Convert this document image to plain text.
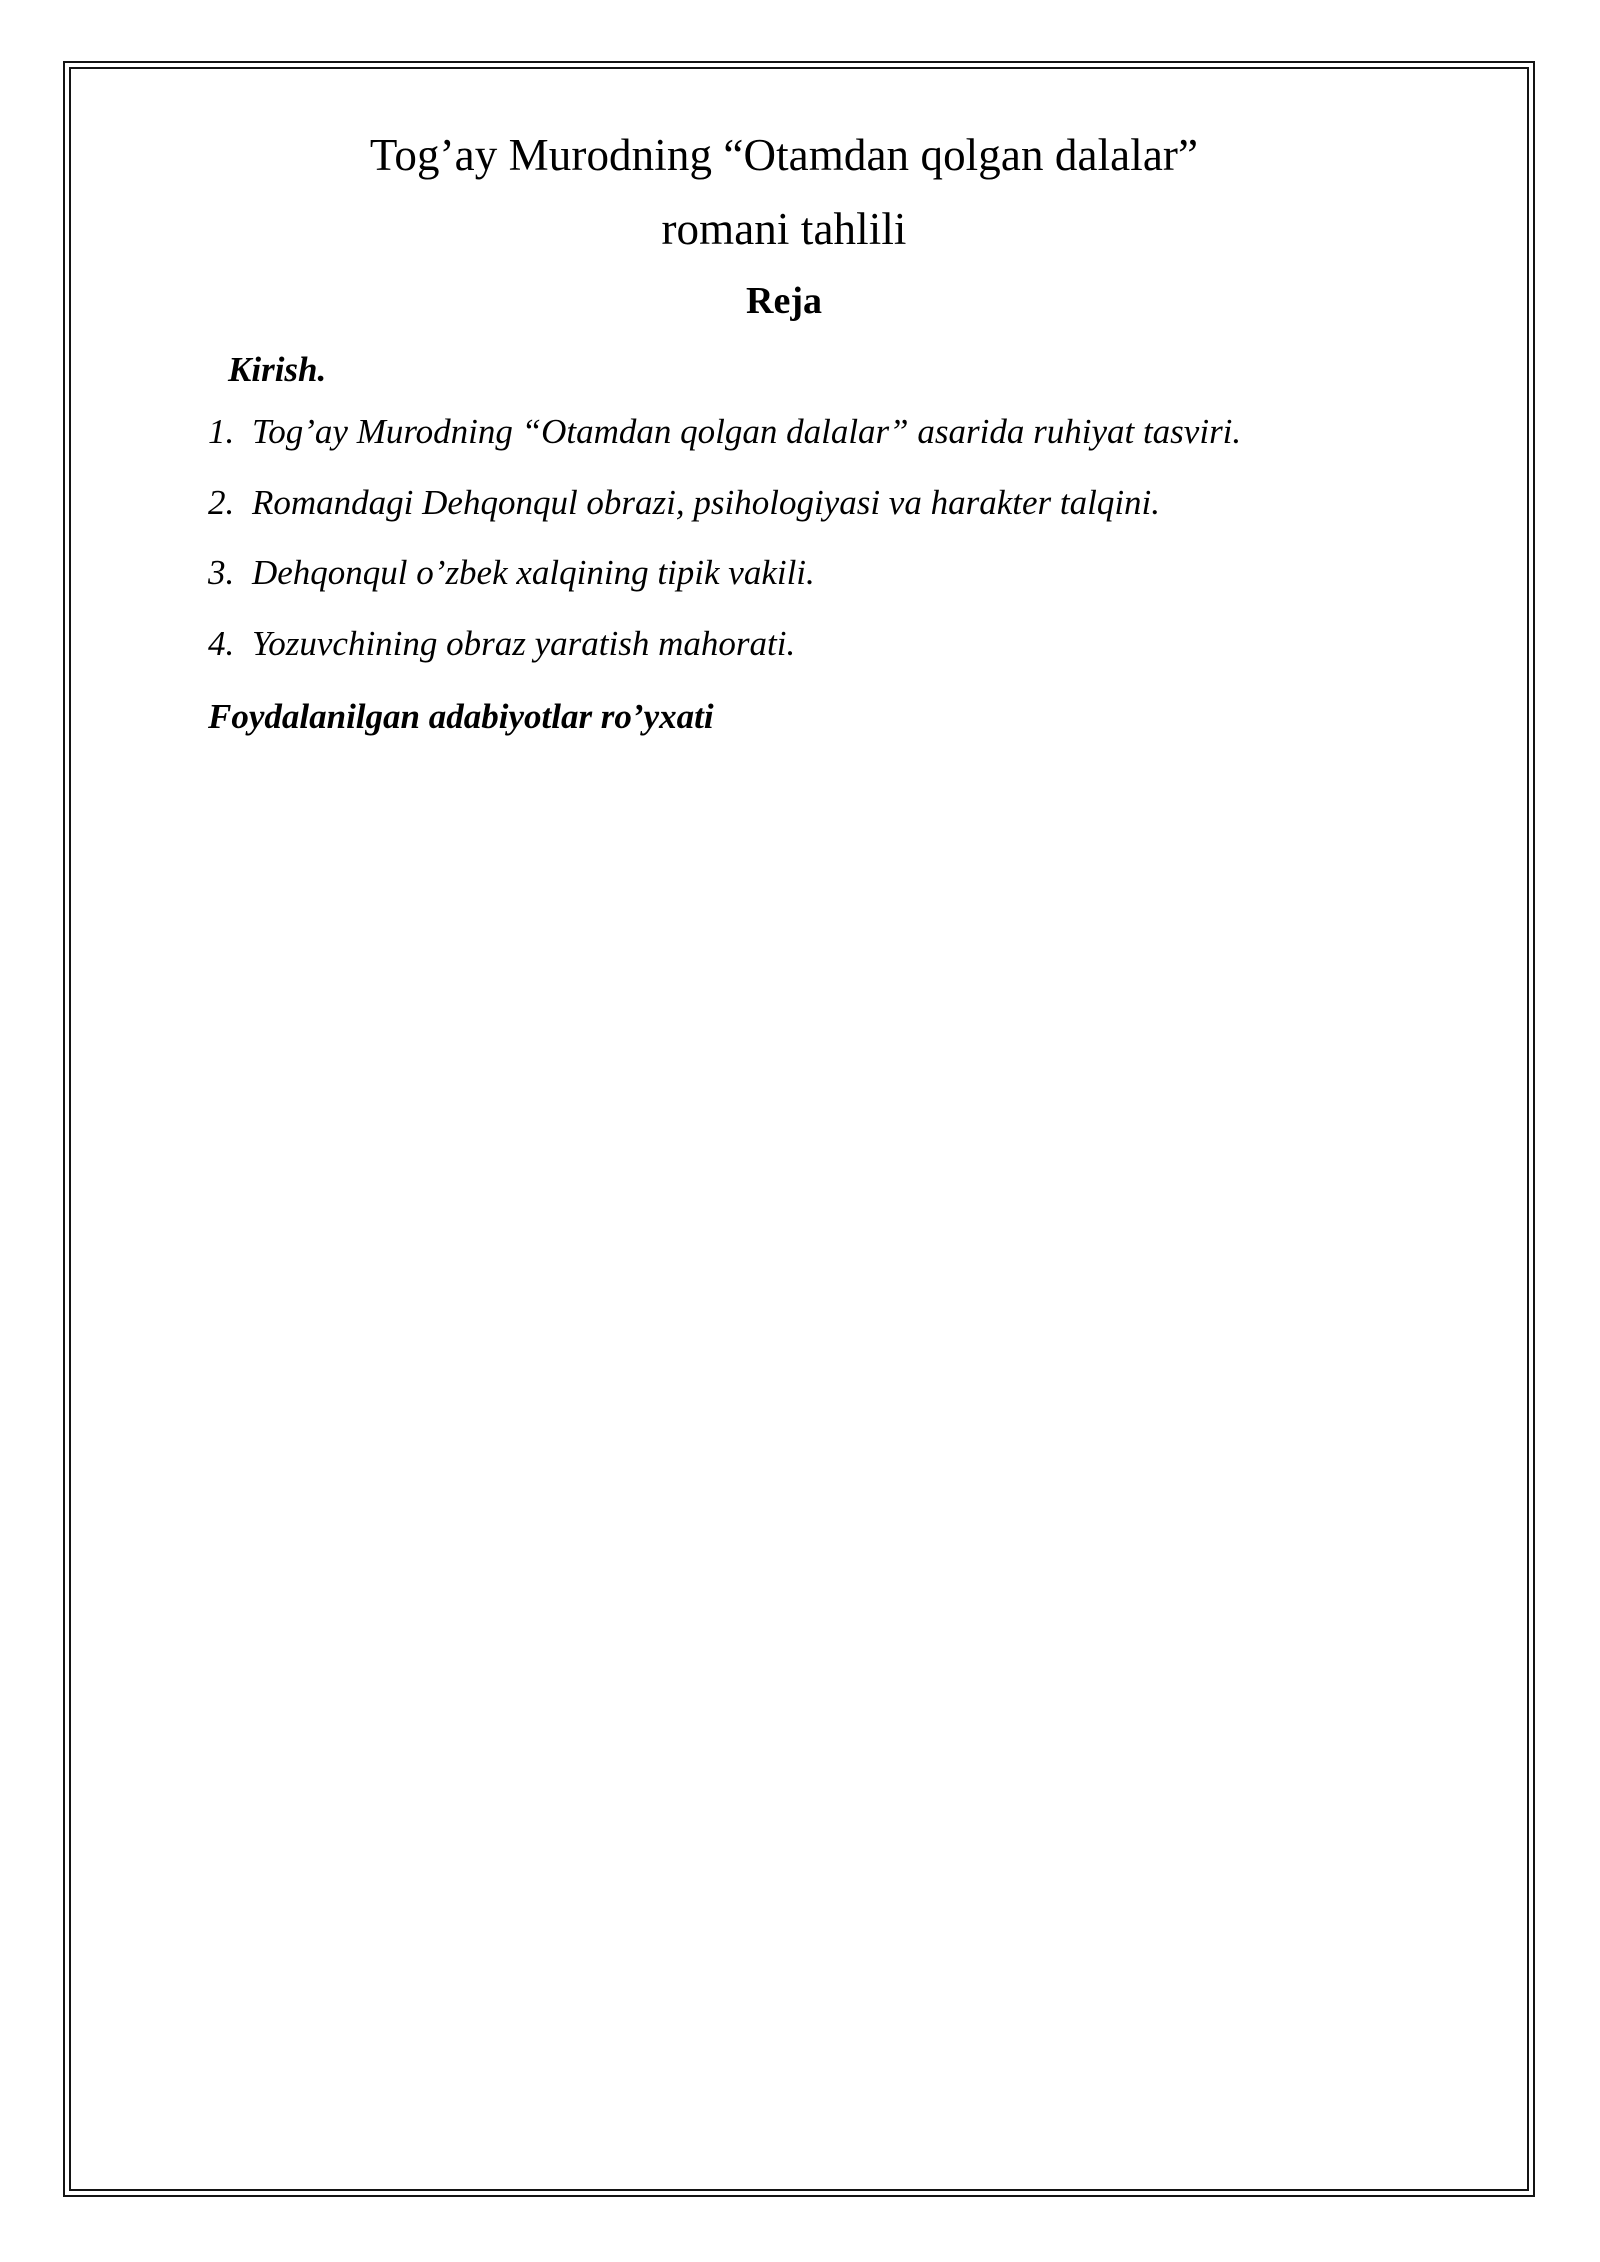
Tog’ay Murodning “Otamdan qolgan dalalar”
romani tahlili
Reja
Kirish.
Tog’ay Murodning “Otamdan qolgan dalalar” asarida ruhiyat tasviri.
Romandagi Dehqonqul obrazi, psihologiyasi va harakter talqini.
Dehqonqul o’zbek xalqining tipik vakili.
Yozuvchining obraz yaratish mahorati.
Foydalanilgan adabiyotlar ro’yxati
